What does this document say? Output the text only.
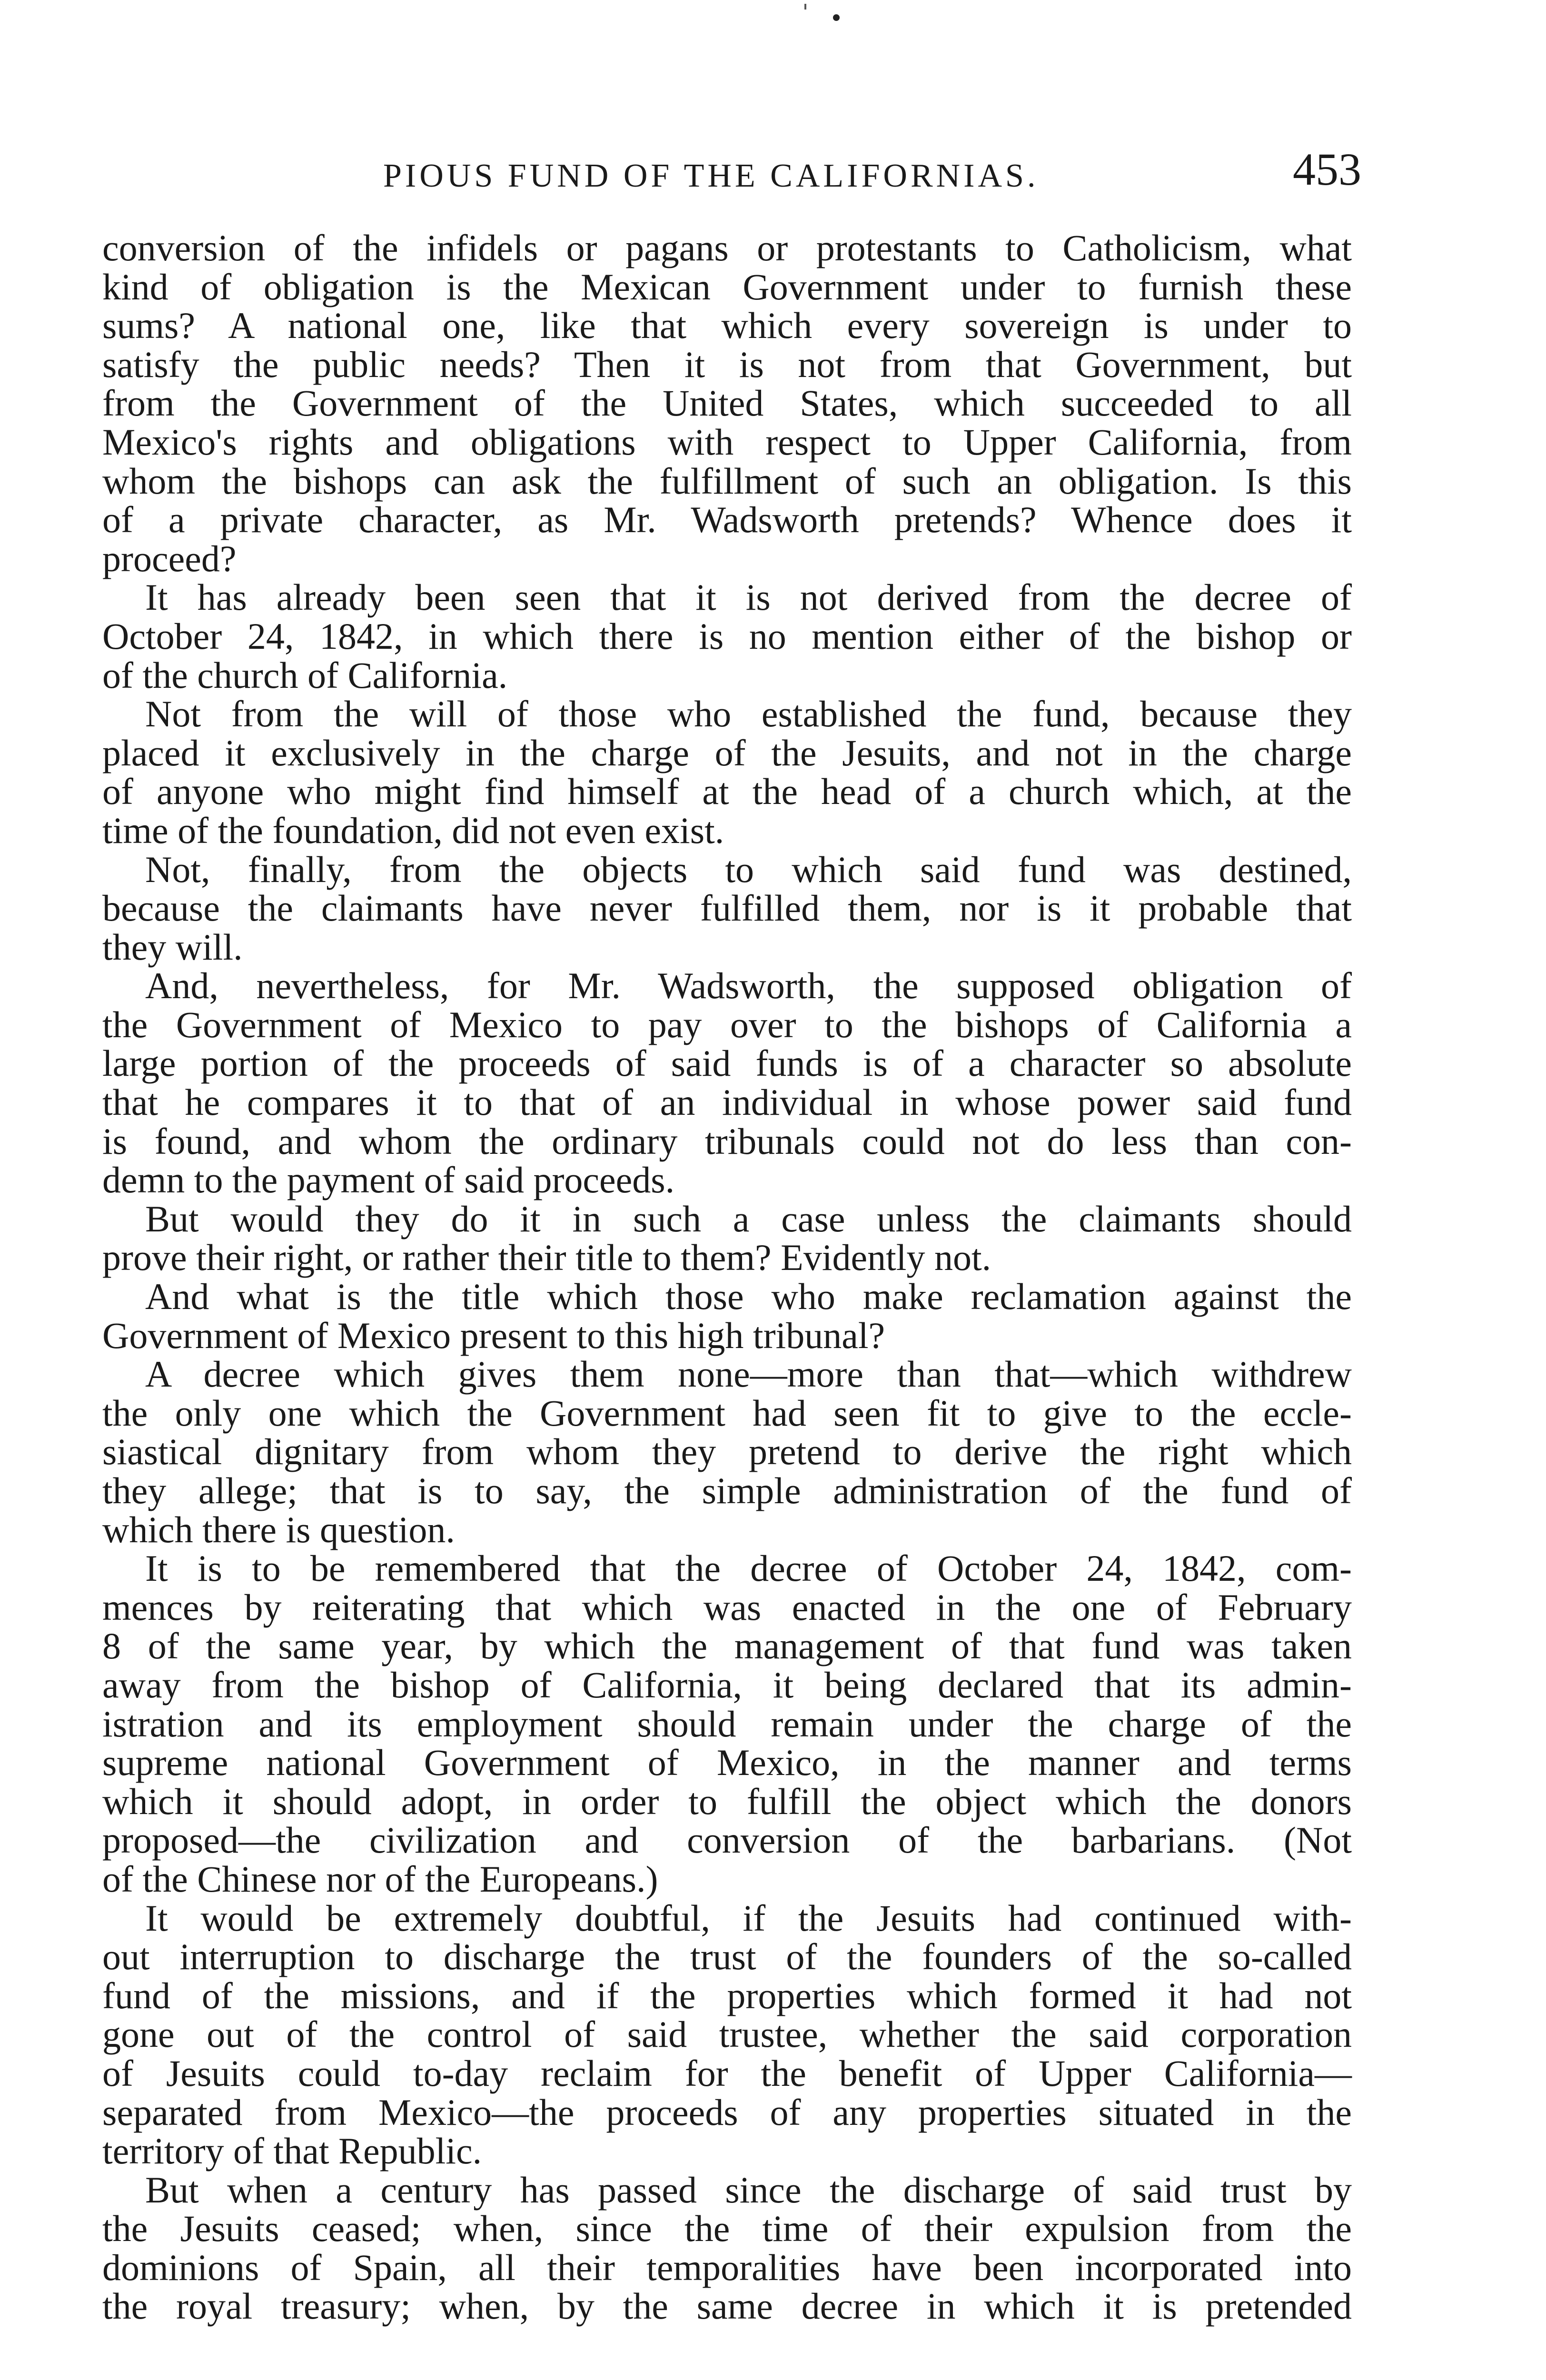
PIOUS FUND OF THE CALIFORNIAS.	453
conversion of the infidels or pagans or protestants to Catholicism, what
kind of obligation is the Mexican Government under to furnish these
sums? A national one, like that which every sovereign is under to
satisfy the public needs? Then it is not from that Government, but
from the Government of the United States, which succeeded to all
Mexico's rights and obligations with respect to Upper California, from
whom the bishops can ask the fulfillment of such an obligation. Is this
of a private character, as Mr. Wadsworth pretends? Whence does it
proceed?
It has already been seen that it is not derived from the decree of
October 24, 1842, in which there is no mention either of the bishop or
of the church of California.
Not from the will of those who established the fund, because they
placed it exclusively in the charge of the Jesuits, and not in the charge
of anyone who might find himself at the head of a church which, at the
time of the foundation, did not even exist.
Not, finally, from the objects to which said fund was destined,
because the claimants have never fulfilled them, nor is it probable that
they will.
And, nevertheless, for Mr. Wadsworth, the supposed obligation of
the Government of Mexico to pay over to the bishops of California a
large portion of the proceeds of said funds is of a character so absolute
that he compares it to that of an individual in whose power said fund
is found, and whom the ordinary tribunals could not do less than con-
demn to the payment of said proceeds.
But would they do it in such a case unless the claimants should
prove their right, or rather their title to them? Evidently not.
And what is the title which those who make reclamation against the
Government of Mexico present to this high tribunal?
A decree which gives them none—more than that—which withdrew
the only one which the Government had seen fit to give to the eccle-
siastical dignitary from whom they pretend to derive the right which
they allege; that is to say, the simple administration of the fund of
which there is question.
It is to be remembered that the decree of October 24, 1842, com-
mences by reiterating that which was enacted in the one of February
8 of the same year, by which the management of that fund was taken
away from the bishop of California, it being declared that its admin-
istration and its employment should remain under the charge of the
supreme national Government of Mexico, in the manner and terms
which it should adopt, in order to fulfill the object which the donors
proposed—the civilization and conversion of the barbarians. (Not
of the Chinese nor of the Europeans.)
It would be extremely doubtful, if the Jesuits had continued with-
out interruption to discharge the trust of the founders of the so-called
fund of the missions, and if the properties which formed it had not
gone out of the control of said trustee, whether the said corporation
of Jesuits could to-day reclaim for the benefit of Upper California—
separated from Mexico—the proceeds of any properties situated in the
territory of that Republic.
But when a century has passed since the discharge of said trust by
the Jesuits ceased; when, since the time of their expulsion from the
dominions of Spain, all their temporalities have been incorporated into
the royal treasury; when, by the same decree in which it is pretended
